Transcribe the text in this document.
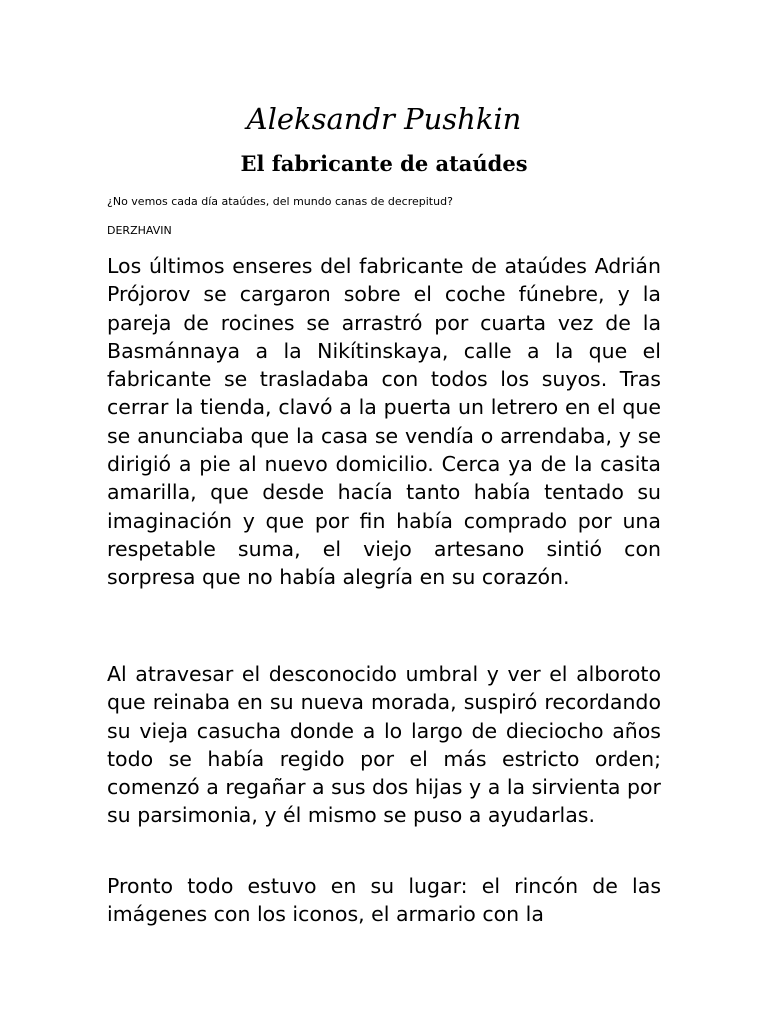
Aleksandr Pushkin
El fabricante de ataúdes

¿No vemos cada día ataúdes, del mundo canas de decrepitud?

DERZHAVIN

Los últimos enseres del fabricante de ataúdes Adrián Prójorov se cargaron sobre el coche fúnebre, y la pareja de rocines se arrastró por cuarta vez de la Basmánnaya a la Nikítinskaya, calle a la que el fabricante se trasladaba con todos los suyos. Tras cerrar la tienda, clavó a la puerta un letrero en el que se anunciaba que la casa se vendía o arrendaba, y se dirigió a pie al nuevo domicilio. Cerca ya de la casita amarilla, que desde hacía tanto había tentado su imaginación y que por fin había comprado por una respetable suma, el viejo artesano sintió con sorpresa que no había alegría en su corazón.

Al atravesar el desconocido umbral y ver el alboroto que reinaba en su nueva morada, suspiró recordando su vieja casucha donde a lo largo de dieciocho años todo se había regido por el más estricto orden; comenzó a regañar a sus dos hijas y a la sirvienta por su parsimonia, y él mismo se puso a ayudarlas.

Pronto todo estuvo en su lugar: el rincón de las imágenes con los iconos, el armario con la
